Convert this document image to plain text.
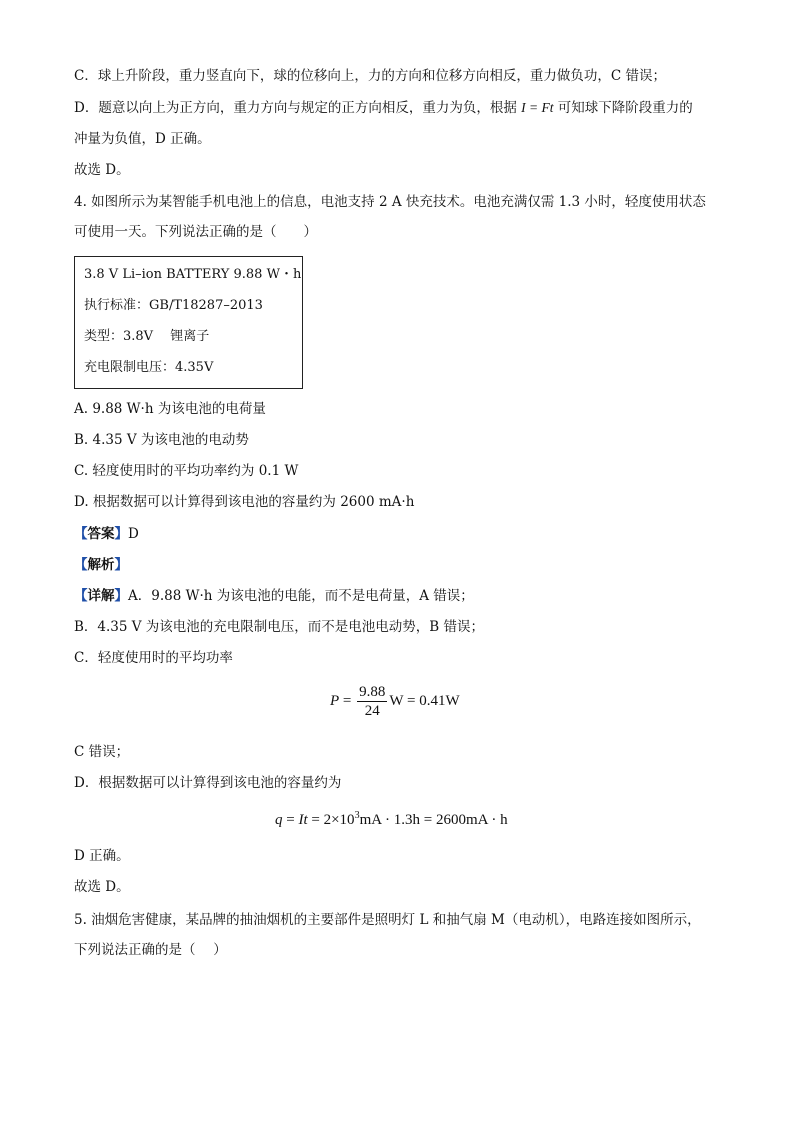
C．球上升阶段，重力竖直向下，球的位移向上，力的方向和位移方向相反，重力做负功，C 错误；
D．题意以向上为正方向，重力方向与规定的正方向相反，重力为负，根据 I = Ft 可知球下降阶段重力的
冲量为负值，D 正确。
故选 D。
4. 如图所示为某智能手机电池上的信息，电池支持 2 A 快充技术。电池充满仅需 1.3 小时，轻度使用状态
可使用一天。下列说法正确的是（　　）
3.8 V Li–ion BATTERY 9.88 W・h
执行标准：GB/T18287–2013
类型：3.8V　 锂离子
充电限制电压：4.35V
A. 9.88 W·h 为该电池的电荷量
B. 4.35 V 为该电池的电动势
C. 轻度使用时的平均功率约为 0.1 W
D. 根据数据可以计算得到该电池的容量约为 2600 mA·h
【答案】D
【解析】
【详解】A．9.88 W·h 为该电池的电能，而不是电荷量，A 错误；
B．4.35 V 为该电池的充电限制电压，而不是电池电动势，B 错误；
C．轻度使用时的平均功率
$P = \frac{9.88}{24}$ W = 0.41W
C 错误；
D．根据数据可以计算得到该电池的容量约为
$q = It = 2\times 10^3mA \cdot 1.3h = 2600mA \cdot h$
D 正确。
故选 D。
5. 油烟危害健康，某品牌的抽油烟机的主要部件是照明灯 L 和抽气扇 M（电动机），电路连接如图所示，
下列说法正确的是（　 ）
